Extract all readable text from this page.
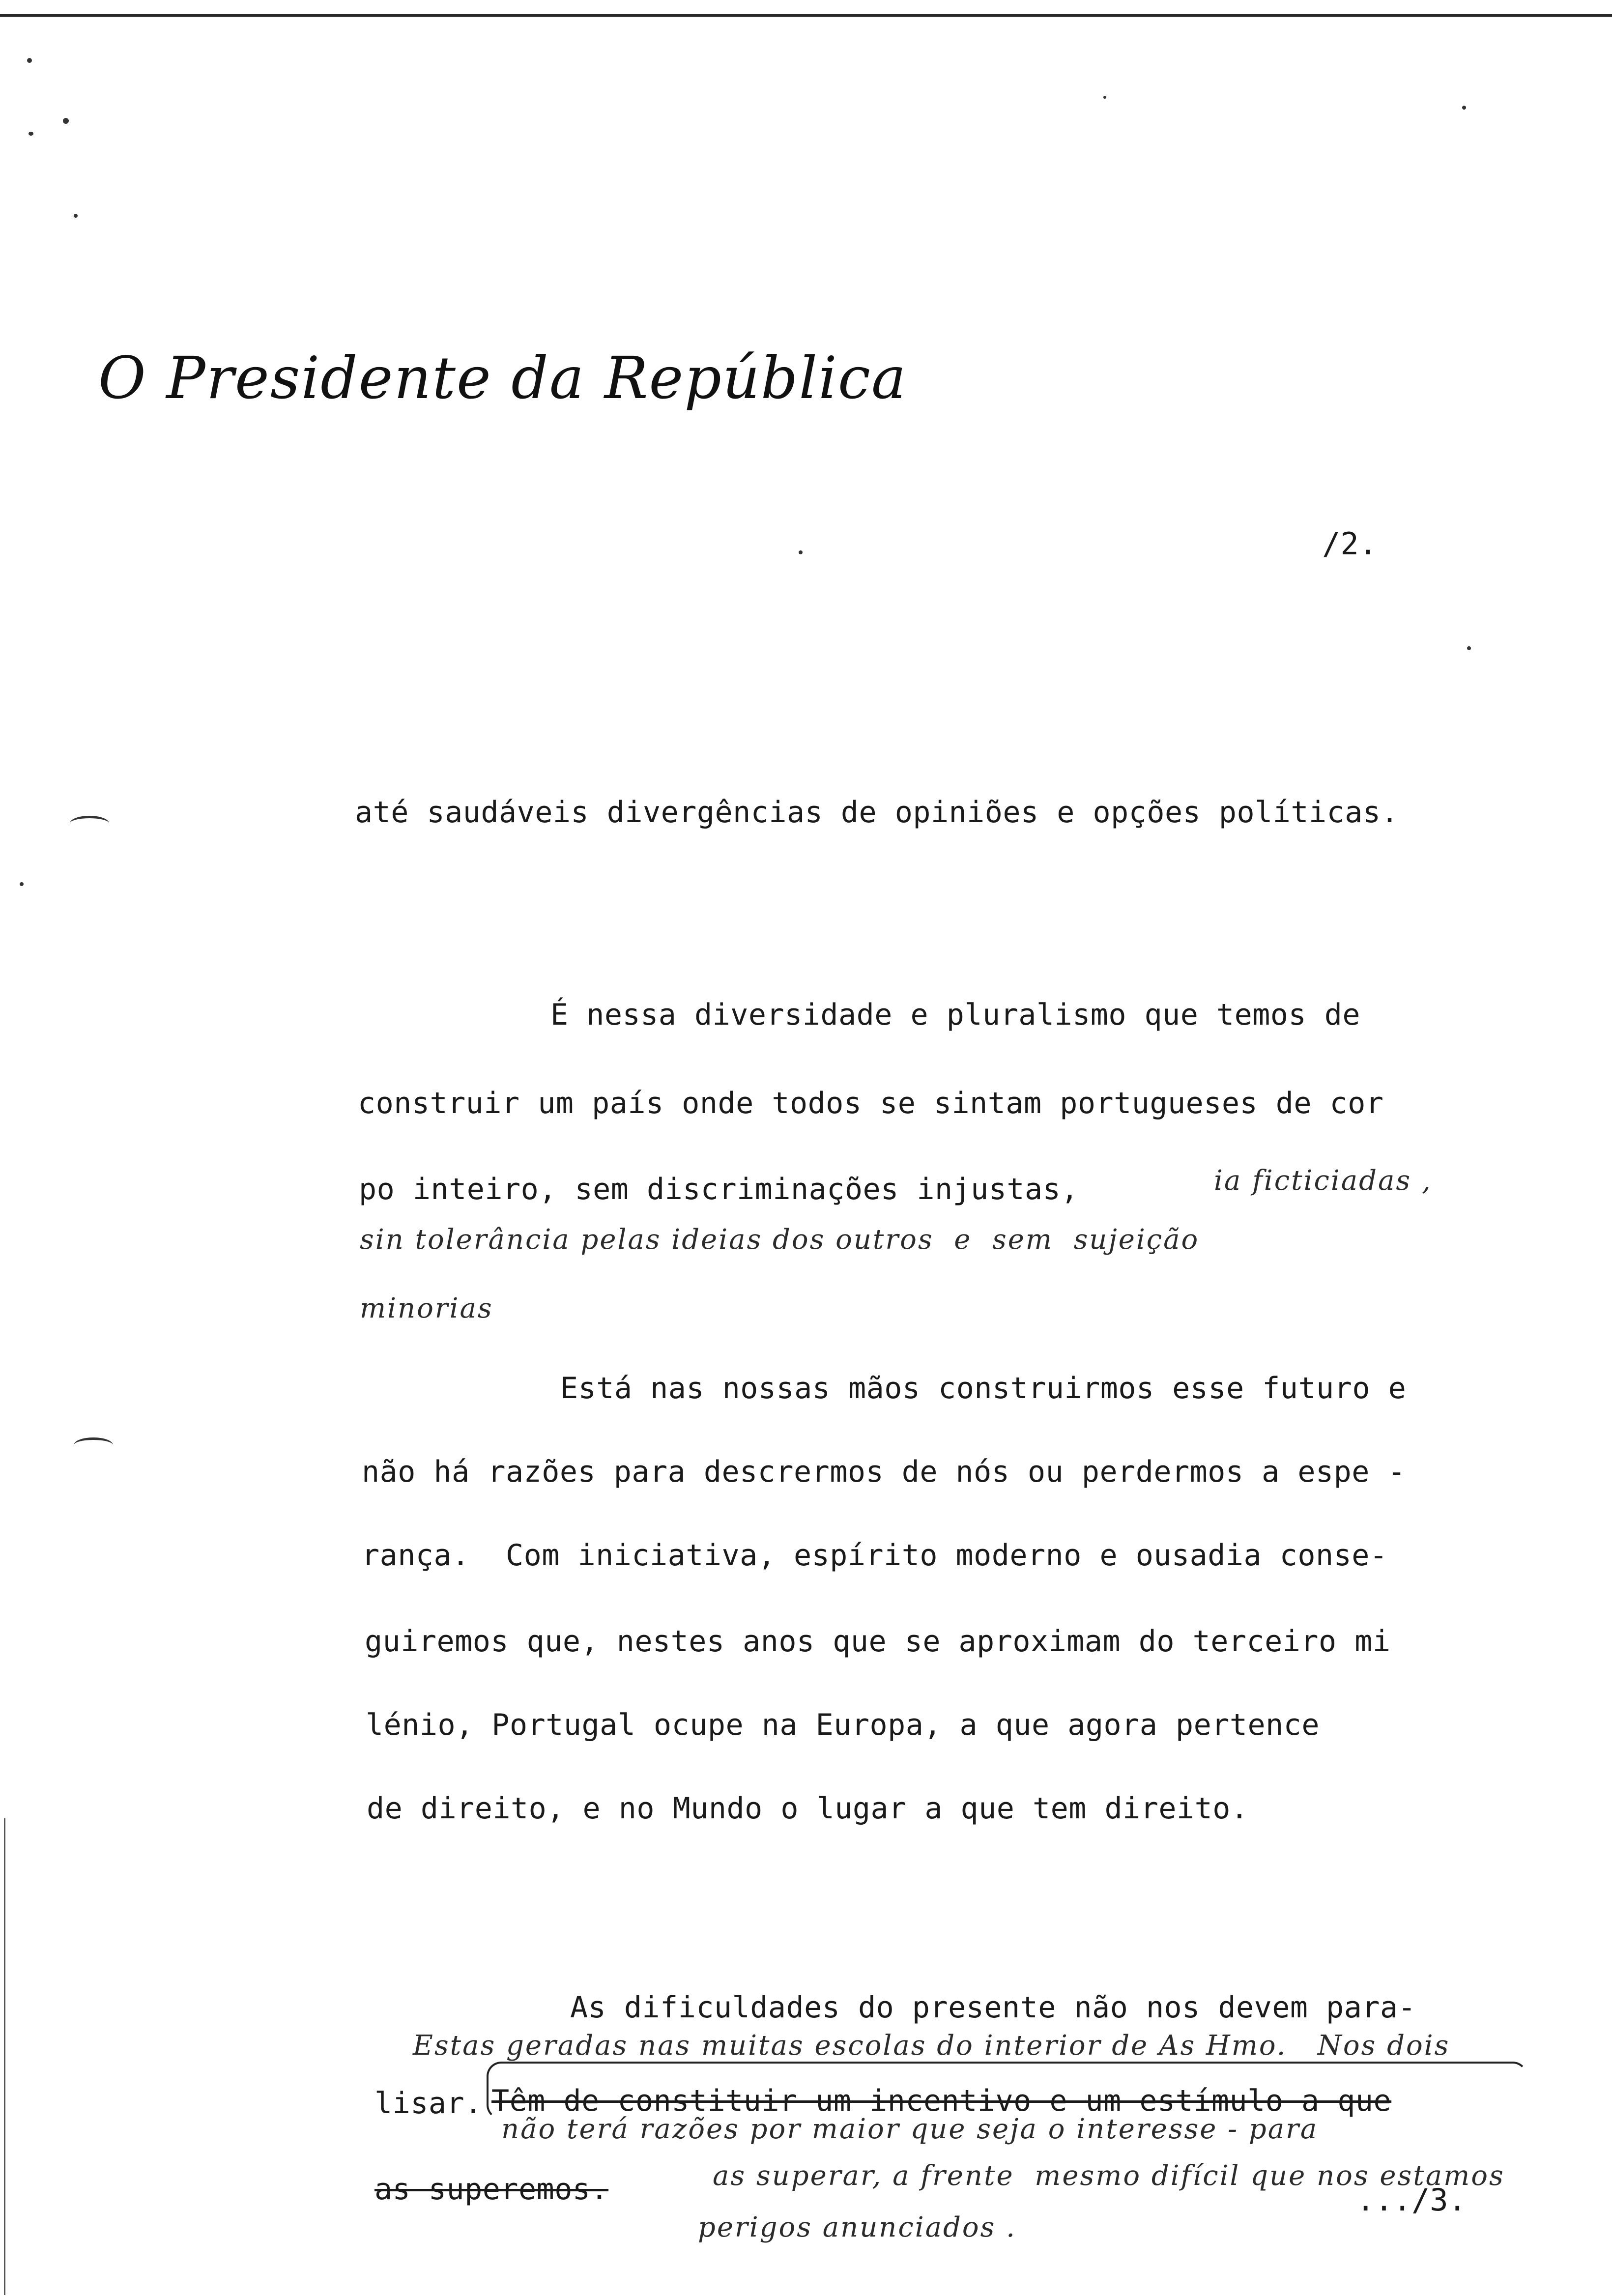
O Presidente da República
/2.
até saudáveis divergências de opiniões e opções políticas.
É nessa diversidade e pluralismo que temos de
construir um país onde todos se sintam portugueses de cor
po inteiro, sem discriminações injustas,	ia ficticiadas ,
sin tolerância pelas ideias dos outros  e  sem  sujeição
minorias
Está nas nossas mãos construirmos esse futuro e
não há razões para descrermos de nós ou perdermos a espe -
rança.  Com iniciativa, espírito moderno e ousadia conse-
guiremos que, nestes anos que se aproximam do terceiro mi
lénio, Portugal ocupe na Europa, a que agora pertence
de direito, e no Mundo o lugar a que tem direito.
As dificuldades do presente não nos devem para-
Estas geradas nas muitas escolas do interior de As Hmo.   Nos dois
lisar. Têm de constituir um incentivo e um estímulo a que
não terá razões por maior que seja o interesse - para
as superemos.	as superar, a frente  mesmo difícil que nos estamos
perigos anunciados .
.../3.
